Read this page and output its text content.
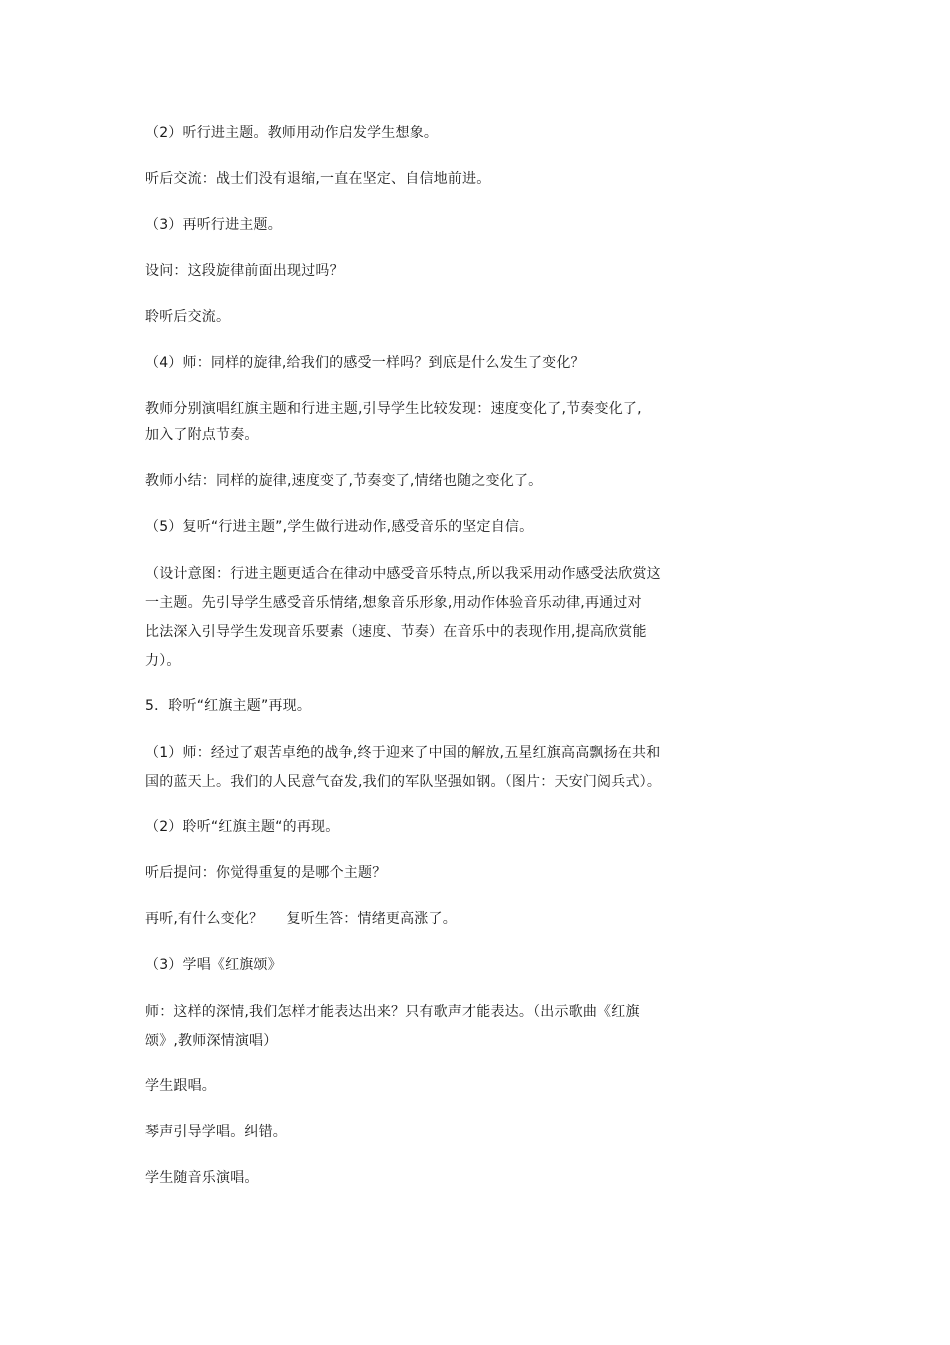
（2）听行进主题。教师用动作启发学生想象。

听后交流：战士们没有退缩,一直在坚定、自信地前进。

（3）再听行进主题。

设问：这段旋律前面出现过吗？

聆听后交流。

（4）师：同样的旋律,给我们的感受一样吗？到底是什么发生了变化？

教师分别演唱红旗主题和行进主题,引导学生比较发现：速度变化了,节奏变化了,
加入了附点节奏。

教师小结：同样的旋律,速度变了,节奏变了,情绪也随之变化了。

（5）复听“行进主题”,学生做行进动作,感受音乐的坚定自信。

（设计意图：行进主题更适合在律动中感受音乐特点,所以我采用动作感受法欣赏这
一主题。先引导学生感受音乐情绪,想象音乐形象,用动作体验音乐动律,再通过对
比法深入引导学生发现音乐要素（速度、节奏）在音乐中的表现作用,提高欣赏能
力）。

5．聆听“红旗主题”再现。

（1）师：经过了艰苦卓绝的战争,终于迎来了中国的解放,五星红旗高高飘扬在共和
国的蓝天上。我们的人民意气奋发,我们的军队坚强如钢。（图片：天安门阅兵式）。

（2）聆听“红旗主题“的再现。

听后提问：你觉得重复的是哪个主题？

再听,有什么变化？     复听生答：情绪更高涨了。

（3）学唱《红旗颂》

师：这样的深情,我们怎样才能表达出来？只有歌声才能表达。（出示歌曲《红旗
颂》,教师深情演唱）

学生跟唱。

琴声引导学唱。纠错。

学生随音乐演唱。
